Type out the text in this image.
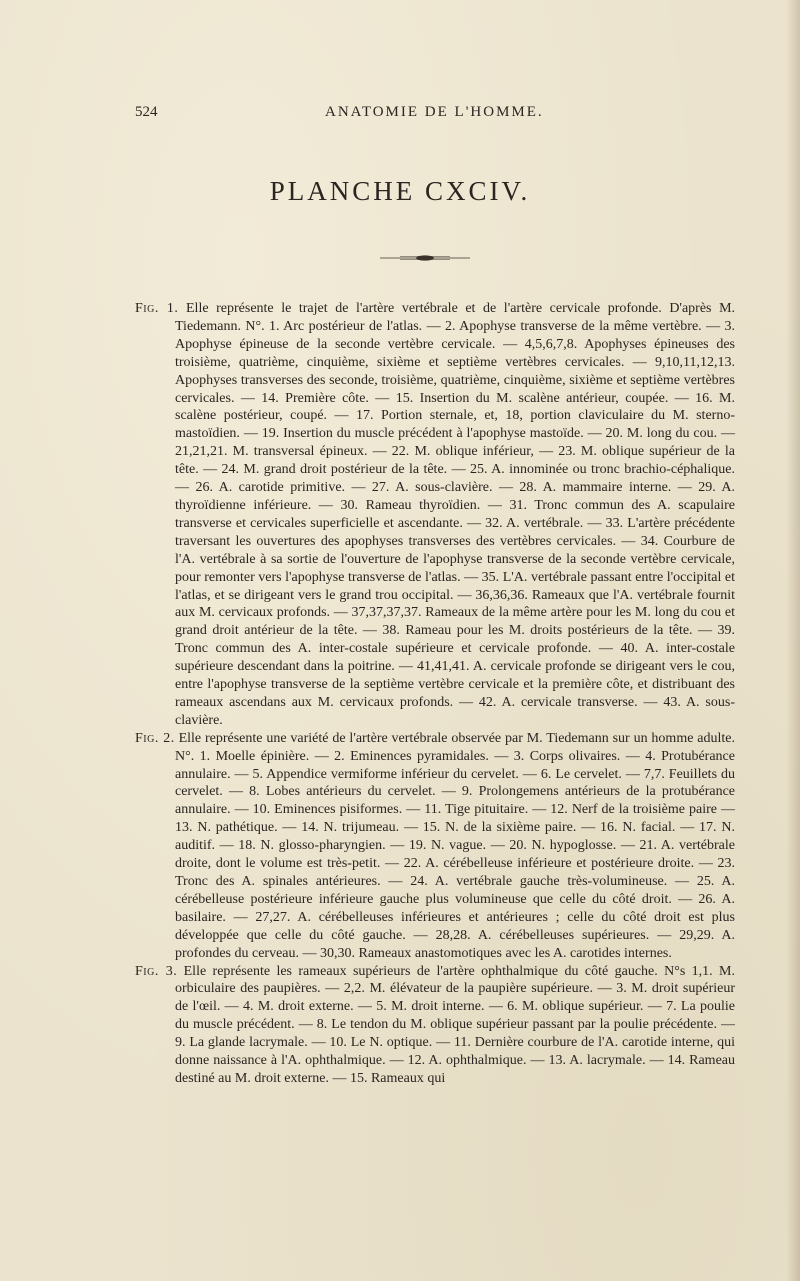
524	ANATOMIE DE L'HOMME.
PLANCHE CXCIV.

Fig. 1. Elle représente le trajet de l'artère vertébrale et de l'artère cervicale profonde. D'après M. Tiedemann. N°. 1. Arc postérieur de l'atlas. — 2. Apophyse transverse de la même vertèbre. — 3. Apophyse épineuse de la seconde vertèbre cervicale. — 4,5,6,7,8. Apophyses épineuses des troisième, quatrième, cinquième, sixième et septième vertèbres cervicales. — 9,10,11,12,13. Apophyses transverses des seconde, troisième, quatrième, cinquième, sixième et septième vertèbres cervicales. — 14. Première côte. — 15. Insertion du M. scalène antérieur, coupée. — 16. M. scalène postérieur, coupé. — 17. Portion sternale, et, 18, portion claviculaire du M. sterno-mastoïdien. — 19. Insertion du muscle précédent à l'apophyse mastoïde. — 20. M. long du cou. — 21,21,21. M. transversal épineux. — 22. M. oblique inférieur, — 23. M. oblique supérieur de la tête. — 24. M. grand droit postérieur de la tête. — 25. A. innominée ou tronc brachio-céphalique. — 26. A. carotide primitive. — 27. A. sous-clavière. — 28. A. mammaire interne. — 29. A. thyroïdienne inférieure. — 30. Rameau thyroïdien. — 31. Tronc commun des A. scapulaire transverse et cervicales superficielle et ascendante. — 32. A. vertébrale. — 33. L'artère précédente traversant les ouvertures des apophyses transverses des vertèbres cervicales. — 34. Courbure de l'A. vertébrale à sa sortie de l'ouverture de l'apophyse transverse de la seconde vertèbre cervicale, pour remonter vers l'apophyse transverse de l'atlas. — 35. L'A. vertébrale passant entre l'occipital et l'atlas, et se dirigeant vers le grand trou occipital. — 36,36,36. Rameaux que l'A. vertébrale fournit aux M. cervicaux profonds. — 37,37,37,37. Rameaux de la même artère pour les M. long du cou et grand droit antérieur de la tête. — 38. Rameau pour les M. droits postérieurs de la tête. — 39. Tronc commun des A. inter-costale supérieure et cervicale profonde. — 40. A. inter-costale supérieure descendant dans la poitrine. — 41,41,41. A. cervicale profonde se dirigeant vers le cou, entre l'apophyse transverse de la septième vertèbre cervicale et la première côte, et distribuant des rameaux ascendans aux M. cervicaux profonds. — 42. A. cervicale transverse. — 43. A. sous-clavière.

Fig. 2. Elle représente une variété de l'artère vertébrale observée par M. Tiedemann sur un homme adulte. N°. 1. Moelle épinière. — 2. Eminences pyramidales. — 3. Corps olivaires. — 4. Protubérance annulaire. — 5. Appendice vermiforme inférieur du cervelet. — 6. Le cervelet. — 7,7. Feuillets du cervelet. — 8. Lobes antérieurs du cervelet. — 9. Prolongemens antérieurs de la protubérance annulaire. — 10. Eminences pisiformes. — 11. Tige pituitaire. — 12. Nerf de la troisième paire — 13. N. pathétique. — 14. N. trijumeau. — 15. N. de la sixième paire. — 16. N. facial. — 17. N. auditif. — 18. N. glosso-pharyngien. — 19. N. vague. — 20. N. hypoglosse. — 21. A. vertébrale droite, dont le volume est très-petit. — 22. A. cérébelleuse inférieure et postérieure droite. — 23. Tronc des A. spinales antérieures. — 24. A. vertébrale gauche très-volumineuse. — 25. A. cérébelleuse postérieure inférieure gauche plus volumineuse que celle du côté droit. — 26. A. basilaire. — 27,27. A. cérébelleuses inférieures et antérieures ; celle du côté droit est plus développée que celle du côté gauche. — 28,28. A. cérébelleuses supérieures. — 29,29. A. profondes du cerveau. — 30,30. Rameaux anastomotiques avec les A. carotides internes.

Fig. 3. Elle représente les rameaux supérieurs de l'artère ophthalmique du côté gauche. N°s 1,1. M. orbiculaire des paupières. — 2,2. M. élévateur de la paupière supérieure. — 3. M. droit supérieur de l'œil. — 4. M. droit externe. — 5. M. droit interne. — 6. M. oblique supérieur. — 7. La poulie du muscle précédent. — 8. Le tendon du M. oblique supérieur passant par la poulie précédente. — 9. La glande lacrymale. — 10. Le N. optique. — 11. Dernière courbure de l'A. carotide interne, qui donne naissance à l'A. ophthalmique. — 12. A. ophthalmique. — 13. A. lacrymale. — 14. Rameau destiné au M. droit externe. — 15. Rameaux qui
